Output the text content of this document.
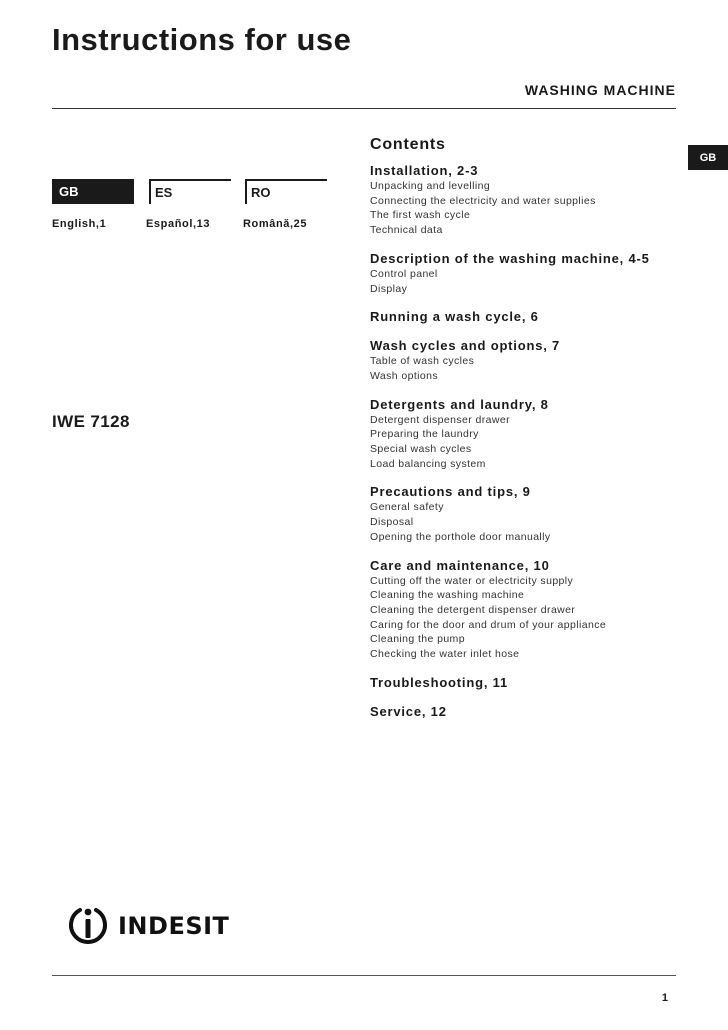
Instructions for use
WASHING MACHINE
GB
GB	ES	RO
English,1	Español,13	Română,25
IWE 7128
Contents
Installation, 2-3
Unpacking and levelling
Connecting the electricity and water supplies
The first wash cycle
Technical data
Description of the washing machine, 4-5
Control panel
Display
Running a wash cycle, 6
Wash cycles and options, 7
Table of wash cycles
Wash options
Detergents and laundry, 8
Detergent dispenser drawer
Preparing the laundry
Special wash cycles
Load balancing system
Precautions and tips, 9
General safety
Disposal
Opening the porthole door manually
Care and maintenance, 10
Cutting off the water or electricity supply
Cleaning the washing machine
Cleaning the detergent dispenser drawer
Caring for the door and drum of your appliance
Cleaning the pump
Checking the water inlet hose
Troubleshooting, 11
Service, 12
INDESIT
1
